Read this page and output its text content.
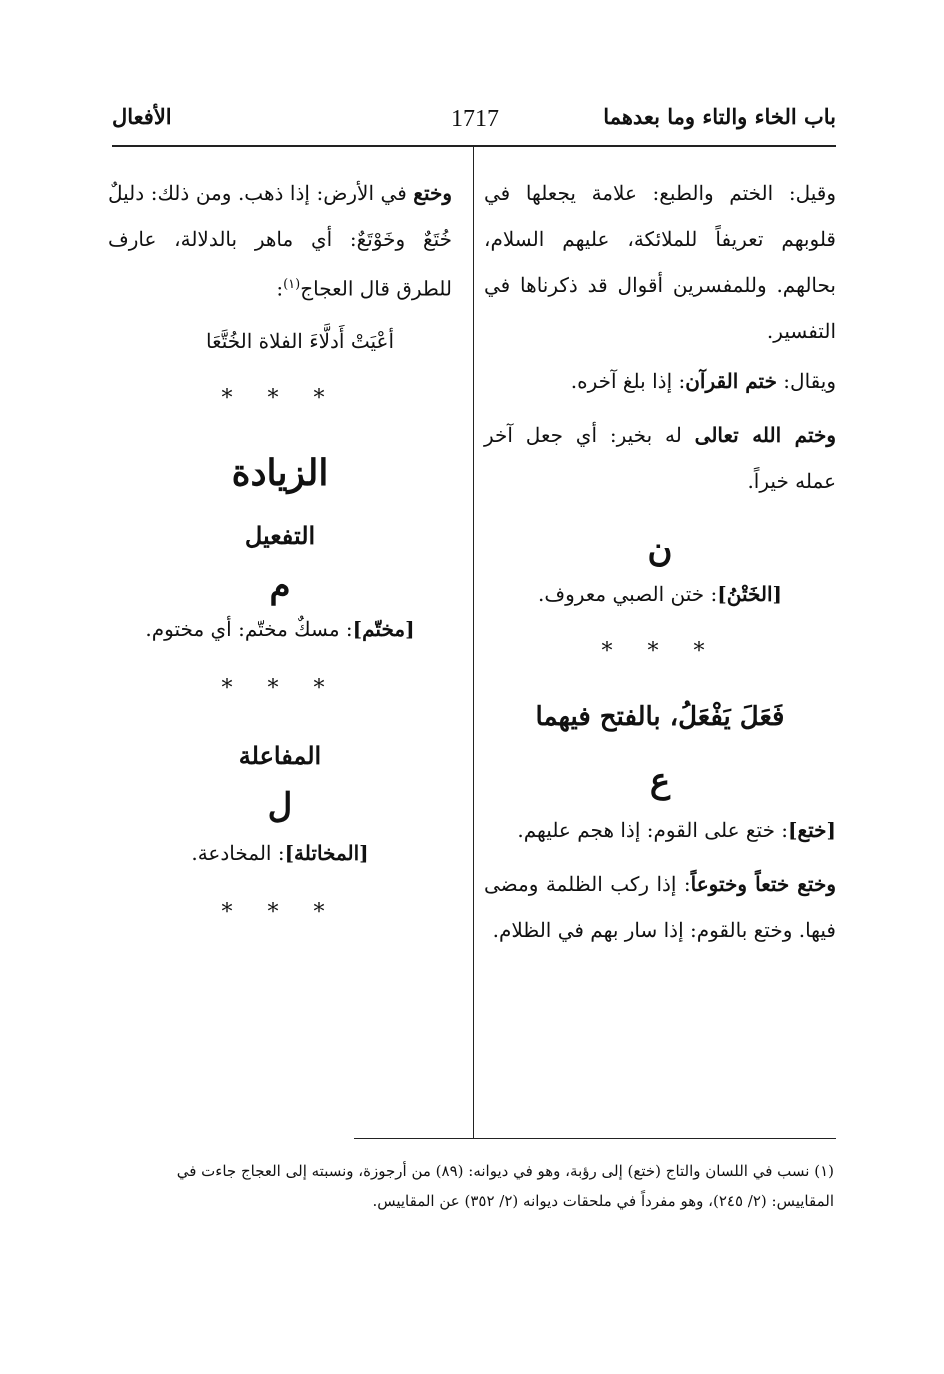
باب الخاء والتاء وما بعدهما
1717
الأفعال

وقيل: الختم والطبع: علامة يجعلها في قلوبهم تعريفاً للملائكة، عليهم السلام، بحالهم. وللمفسرين أقوال قد ذكرناها في التفسير.

ويقال: ختم القرآن: إذا بلغ آخره.

وختم الله تعالى له بخير: أي جعل آخر عمله خيراً.

ن

[الخَتْنُ]: ختن الصبي معروف.

* * *
فَعَلَ يَفْعَلُ، بالفتح فيهما
ع

[ختع]: ختع على القوم: إذا هجم عليهم.

وختع ختعاً وختوعاً: إذا ركب الظلمة ومضى فيها. وختع بالقوم: إذا سار بهم في الظلام.

وختع في الأرض: إذا ذهب. ومن ذلك: دليلٌ خُتَعٌ وخَوْتَعٌ: أي ماهر بالدلالة، عارف للطرق قال العجاج$^{(١)}$:

أعْيَتْ أَدلَّاءَ الفلاة الخُتَّعَا

* * *
الزيادة
التفعيل
م

[مختّم]: مسكٌ مختّم: أي مختوم.

* * *
المفاعلة
ل

[المخاتلة]: المخادعة.

* * *
(١) نسب في اللسان والتاج (ختع) إلى رؤبة، وهو في ديوانه: (٨٩) من أرجوزة، ونسبته إلى العجاج جاءت في
المقاييس: (٢/ ٢٤٥)، وهو مفرداً في ملحقات ديوانه (٢/ ٣٥٢) عن المقاييس.
